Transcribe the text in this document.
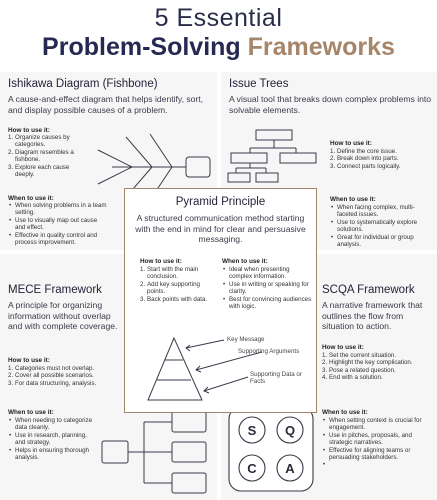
5 Essential
Problem-Solving Frameworks
Ishikawa Diagram (Fishbone)
A cause-and-effect diagram that helps identify, sort, and display possible causes of a problem.
How to use it:
1. Organize causes by categories.
2. Diagram resembles a fishbone.
3. Explore each cause deeply.
When to use it:
• When solving problems in a team setting.
• Use to visually map out cause and effect.
• Effective in quality control and process improvement.
Issue Trees
A visual tool that breaks down complex problems into solvable elements.
How to use it:
1. Define the core issue.
2. Break down into parts.
3. Connect parts logically.
When to use it:
• When facing complex, multi-faceted issues.
• Use to systematically explore solutions.
• Great for individual or group analysis.
MECE Framework
A principle for organizing information without overlap and with complete coverage.
How to use it:
1. Categories must not overlap.
2. Cover all possible scenarios.
3. For data structuring, analysis.
When to use it:
• When needing to categorize data cleanly.
• Use in research, planning, and strategy.
• Helps in ensuring thorough analysis.
SCQA Framework
A narrative framework that outlines the flow from situation to action.
How to use it:
1. Set the current situation.
2. Highlight the key complication.
3. Pose a related question.
4. End with a solution.
When to use it:
• When setting context is crucial for engagement.
• Use in pitches, proposals, and strategic narratives.
• Effective for aligning teams or persuading stakeholders.
S Q
C A
Pyramid Principle
A structured communication method starting with the end in mind for clear and persuasive messaging.
How to use it:
1. Start with the main conclusion.
2. Add key supporting points.
3. Back points with data.
When to use it:
• Ideal when presenting complex information.
• Use in writing or speaking for clarity.
• Best for convincing audiences with logic.
Key Message
Supporting Arguments
Supporting Data or Facts
